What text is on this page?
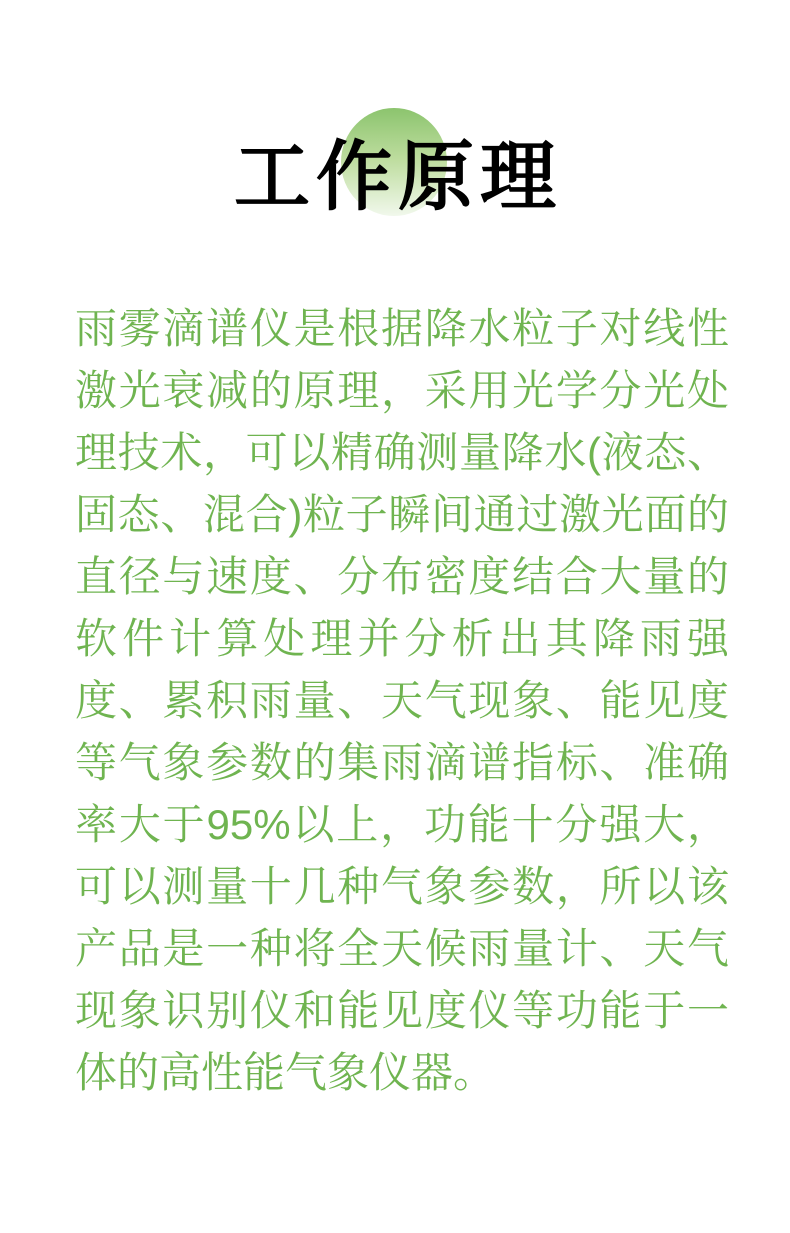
工作原理
雨雾滴谱仪是根据降水粒子对线性
激光衰减的原理，采用光学分光处
理技术，可以精确测量降水(液态、
固态、混合)粒子瞬间通过激光面的
直径与速度、分布密度结合大量的
软件计算处理并分析出其降雨强
度、累积雨量、天气现象、能见度
等气象参数的集雨滴谱指标、准确
率大于95%以上，功能十分强大，
可以测量十几种气象参数，所以该
产品是一种将全天候雨量计、天气
现象识别仪和能见度仪等功能于一
体的高性能气象仪器。
